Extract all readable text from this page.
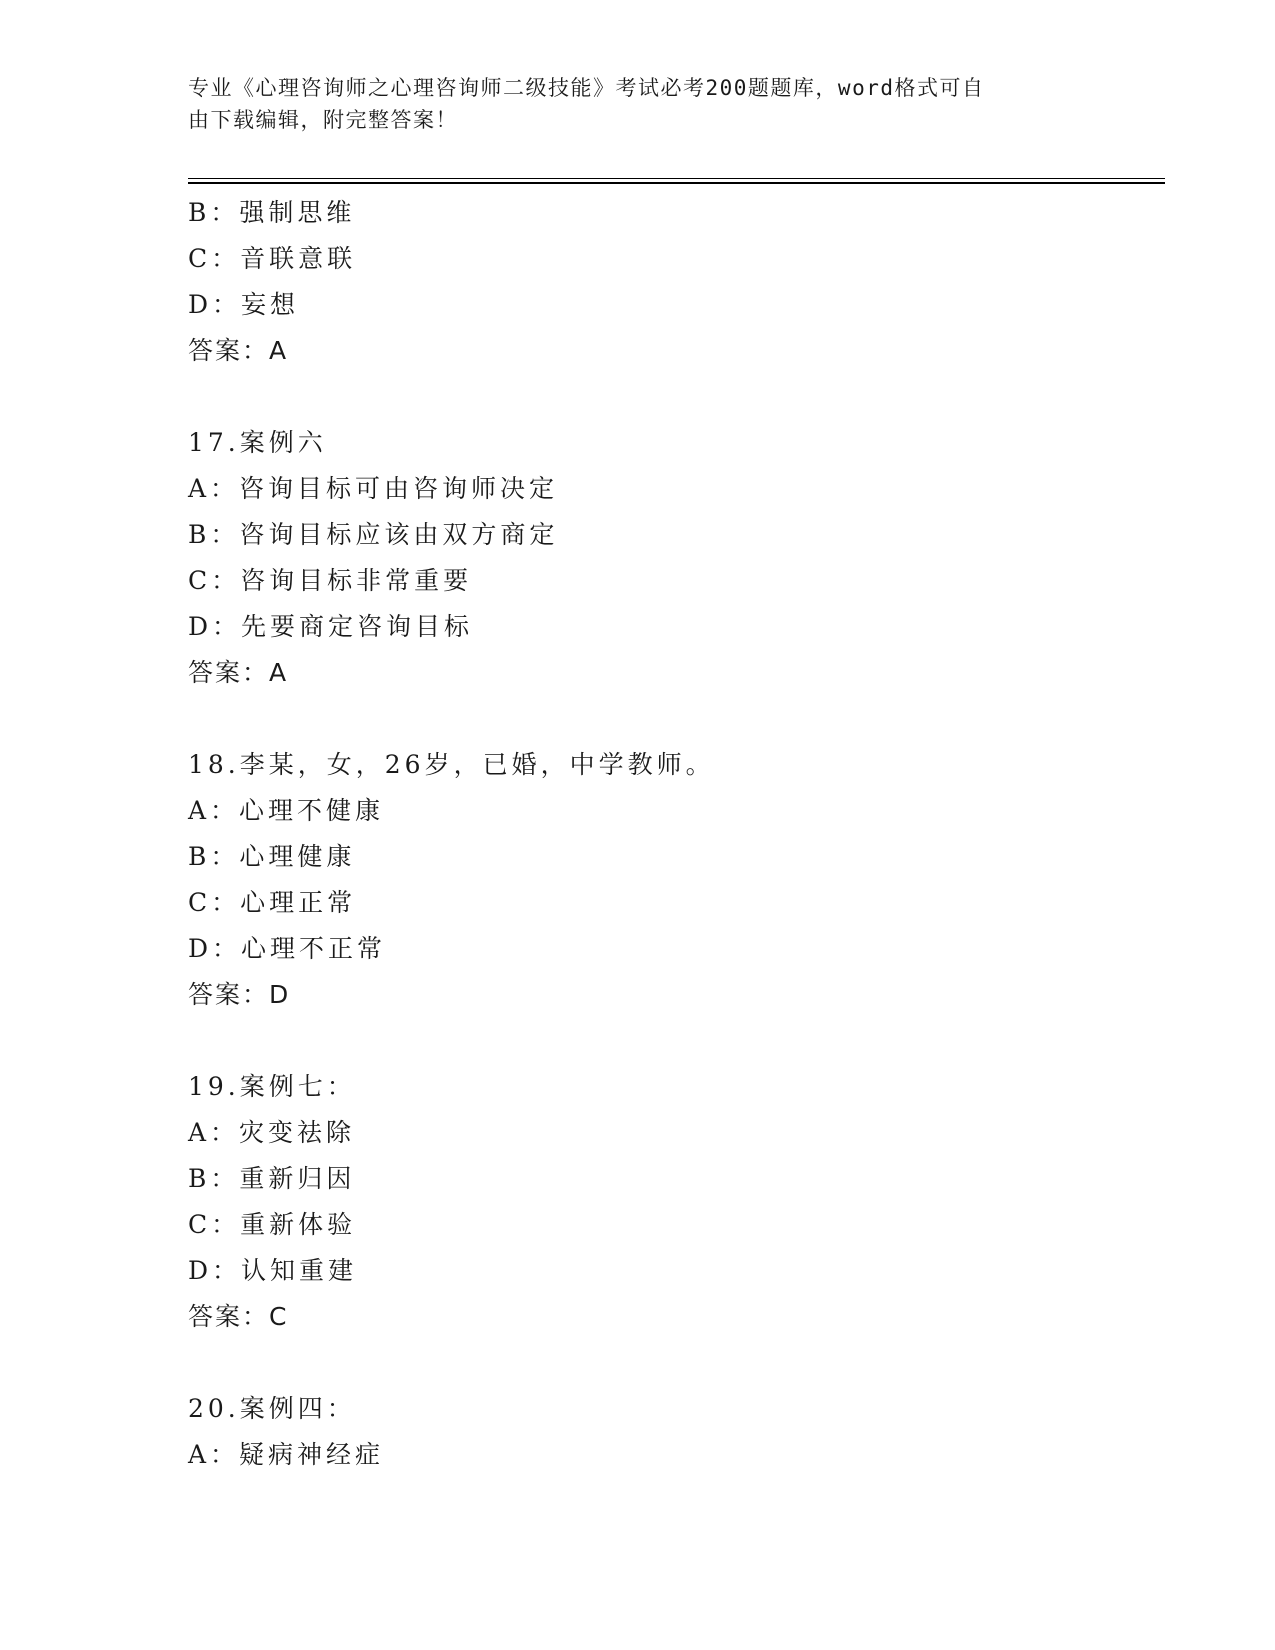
专业《心理咨询师之心理咨询师二级技能》考试必考200题题库，word格式可自
由下载编辑，附完整答案！
B：强制思维
C：音联意联
D：妄想
答案：A
17.案例六
A：咨询目标可由咨询师决定
B：咨询目标应该由双方商定
C：咨询目标非常重要
D：先要商定咨询目标
答案：A
18.李某，女，26岁，已婚，中学教师。
A：心理不健康
B：心理健康
C：心理正常
D：心理不正常
答案：D
19.案例七：
A：灾变祛除
B：重新归因
C：重新体验
D：认知重建
答案：C
20.案例四：
A：疑病神经症
